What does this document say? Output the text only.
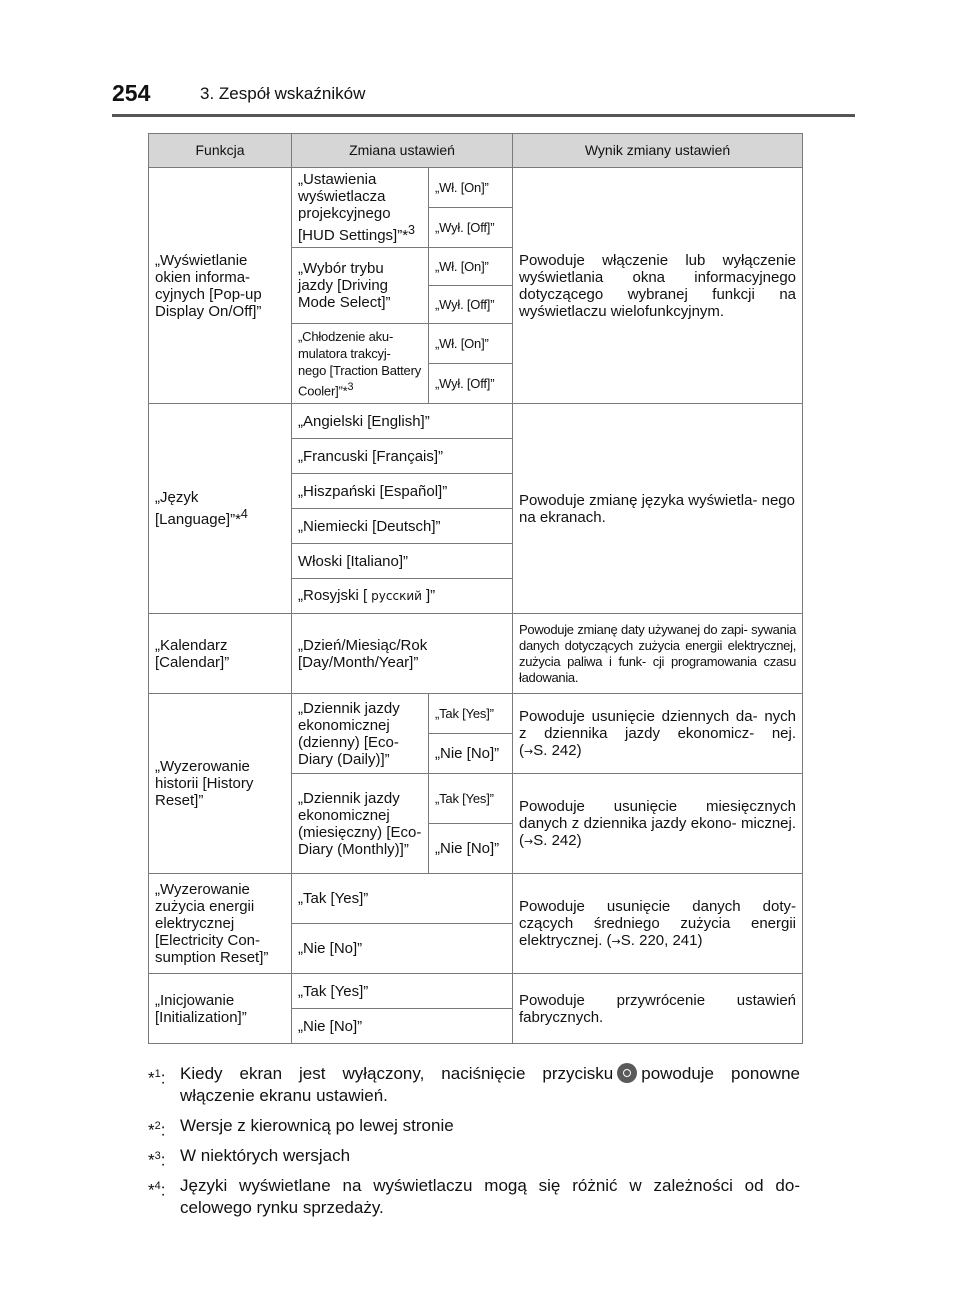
254	3. Zespół wskaźników
Funkcja	Zmiana ustawień		Wynik zmiany ustawień
„Wyświetlanie okien informa- cyjnych [Pop-up Display On/Off]”	„Ustawienia wyświetlacza projekcyjnego [HUD Settings]”*$^3$	„Wł. [On]”	Powoduje włączenie lub wyłączenie wyświetlania okna informacyjnego dotyczącego wybranej funkcji na wyświetlaczu wielofunkcyjnym.
		„Wył. [Off]”	
	„Wybór trybu jazdy [Driving Mode Select]”	„Wł. [On]”	
		„Wył. [Off]”	
	„Chłodzenie aku- mulatora trakcyj- nego [Traction Battery Cooler]”*$^3$	„Wł. [On]”	
		„Wył. [Off]”	
„Język [Language]”*$^4$	„Angielski [English]”		Powoduje zmianę języka wyświetla- nego na ekranach.
	„Francuski [Français]”		
	„Hiszpański [Español]”		
	„Niemiecki [Deutsch]”		
	Włoski [Italiano]”		
	„Rosyjski [ русский ]”		
„Kalendarz [Calendar]”	„Dzień/Miesiąc/Rok [Day/Month/Year]”		Powoduje zmianę daty używanej do zapi- sywania danych dotyczących zużycia energii elektrycznej, zużycia paliwa i funk- cji programowania czasu ładowania.
„Wyzerowanie historii [History Reset]”	„Dziennik jazdy ekonomicznej (dzienny) [Eco- Diary (Daily)]”	„Tak [Yes]”	Powoduje usunięcie dziennych da- nych z dziennika jazdy ekonomicz- nej. (→S. 242)
		„Nie [No]”	
	„Dziennik jazdy ekonomicznej (miesięczny) [Eco-Diary (Monthly)]”	„Tak [Yes]”	Powoduje usunięcie miesięcznych danych z dziennika jazdy ekono- micznej. (→S. 242)
		„Nie [No]”	
„Wyzerowanie zużycia energii elektrycznej [Electricity Con- sumption Reset]”	„Tak [Yes]”		Powoduje usunięcie danych doty- czących średniego zużycia energii elektrycznej. (→S. 220, 241)
	„Nie [No]”		
„Inicjowanie [Initialization]”	„Tak [Yes]”		Powoduje przywrócenie ustawień fabrycznych.
	„Nie [No]”		
*$^1$: Kiedy ekran jest wyłączony, naciśnięcie przycisku powoduje ponowne włączenie ekranu ustawień.
*$^2$: Wersje z kierownicą po lewej stronie
*$^3$: W niektórych wersjach
*$^4$: Języki wyświetlane na wyświetlaczu mogą się różnić w zależności od do- celowego rynku sprzedaży.
